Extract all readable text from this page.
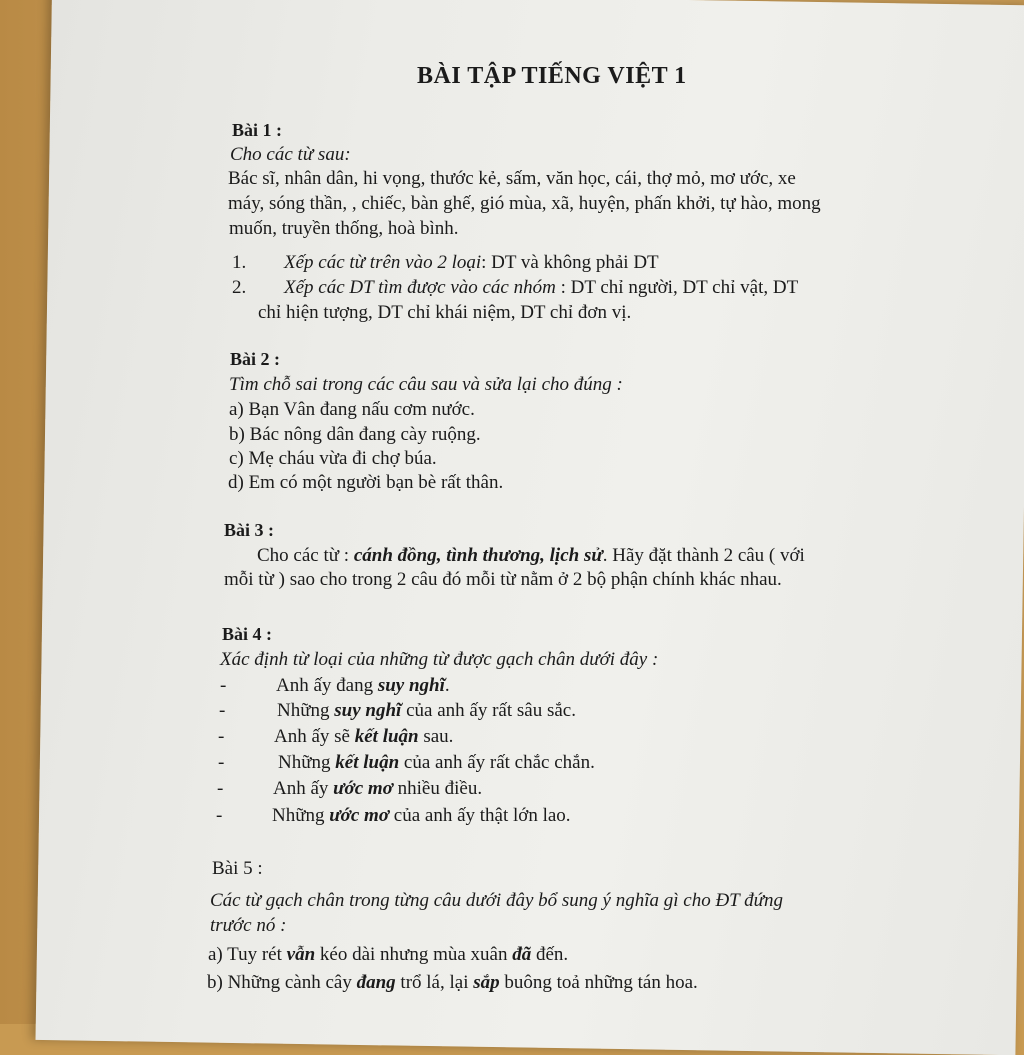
BÀI TẬP TIẾNG VIỆT 1
Bài 1 :
Cho các từ sau:
Bác sĩ, nhân dân, hi vọng, thước kẻ, sấm, văn học, cái, thợ mỏ, mơ ước, xe
máy, sóng thần, , chiếc, bàn ghế, gió mùa, xã, huyện, phấn khởi, tự hào, mong
muốn, truyền thống, hoà bình.
1. Xếp các từ trên vào 2 loại: DT và không phải DT
2. Xếp các DT tìm được vào các nhóm : DT chỉ người, DT chỉ vật, DT
chỉ hiện tượng, DT chỉ khái niệm, DT chỉ đơn vị.
Bài 2 :
Tìm chỗ sai trong các câu sau và sửa lại cho đúng :
a) Bạn Vân đang nấu cơm nước.
b) Bác nông dân đang cày ruộng.
c) Mẹ cháu vừa đi chợ búa.
d) Em có một người bạn bè rất thân.
Bài 3 :
Cho các từ : cánh đồng, tình thương, lịch sử. Hãy đặt thành 2 câu ( với
mỗi từ ) sao cho trong 2 câu đó mỗi từ nằm ở 2 bộ phận chính khác nhau.
Bài 4 :
Xác định từ loại của những từ được gạch chân dưới đây :
-	Anh ấy đang suy nghĩ.
-	Những suy nghĩ của anh ấy rất sâu sắc.
-	Anh ấy sẽ kết luận sau.
-	Những kết luận của anh ấy rất chắc chắn.
-	Anh ấy ước mơ nhiều điều.
-	Những ước mơ của anh ấy thật lớn lao.
Bài 5 :
Các từ gạch chân trong từng câu dưới đây bổ sung ý nghĩa gì cho ĐT đứng
trước nó :
a) Tuy rét vẫn kéo dài nhưng mùa xuân đã đến.
b) Những cành cây đang trổ lá, lại sắp buông toả những tán hoa.
